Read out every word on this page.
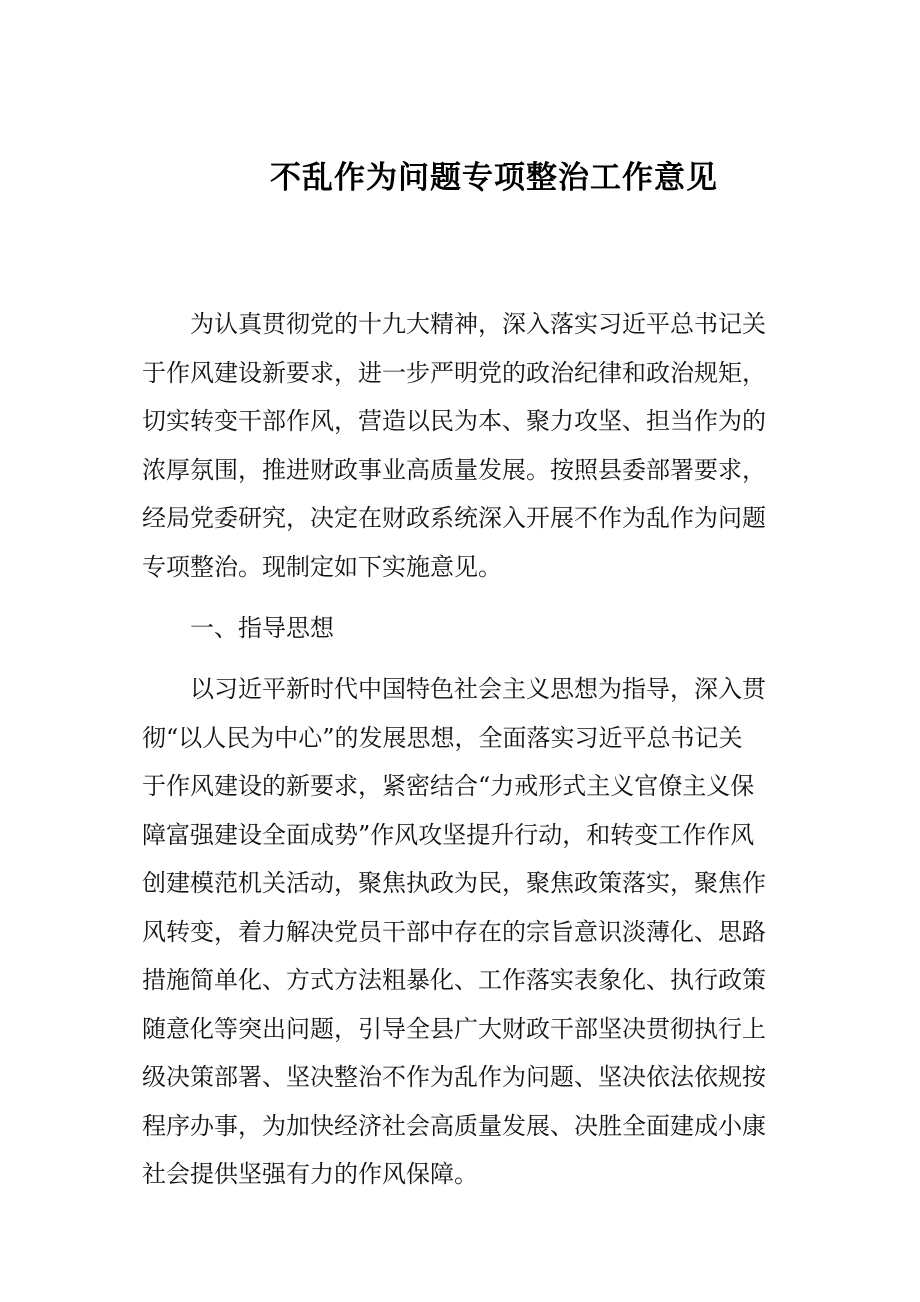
不乱作为问题专项整治工作意见
为认真贯彻党的十九大精神，深入落实习近平总书记关
于作风建设新要求，进一步严明党的政治纪律和政治规矩，
切实转变干部作风，营造以民为本、聚力攻坚、担当作为的
浓厚氛围，推进财政事业高质量发展。按照县委部署要求，
经局党委研究，决定在财政系统深入开展不作为乱作为问题
专项整治。现制定如下实施意见。
一、指导思想
以习近平新时代中国特色社会主义思想为指导，深入贯
彻“以人民为中心”的发展思想，全面落实习近平总书记关
于作风建设的新要求，紧密结合“力戒形式主义官僚主义保
障富强建设全面成势”作风攻坚提升行动，和转变工作作风
创建模范机关活动，聚焦执政为民，聚焦政策落实，聚焦作
风转变，着力解决党员干部中存在的宗旨意识淡薄化、思路
措施简单化、方式方法粗暴化、工作落实表象化、执行政策
随意化等突出问题，引导全县广大财政干部坚决贯彻执行上
级决策部署、坚决整治不作为乱作为问题、坚决依法依规按
程序办事，为加快经济社会高质量发展、决胜全面建成小康
社会提供坚强有力的作风保障。
